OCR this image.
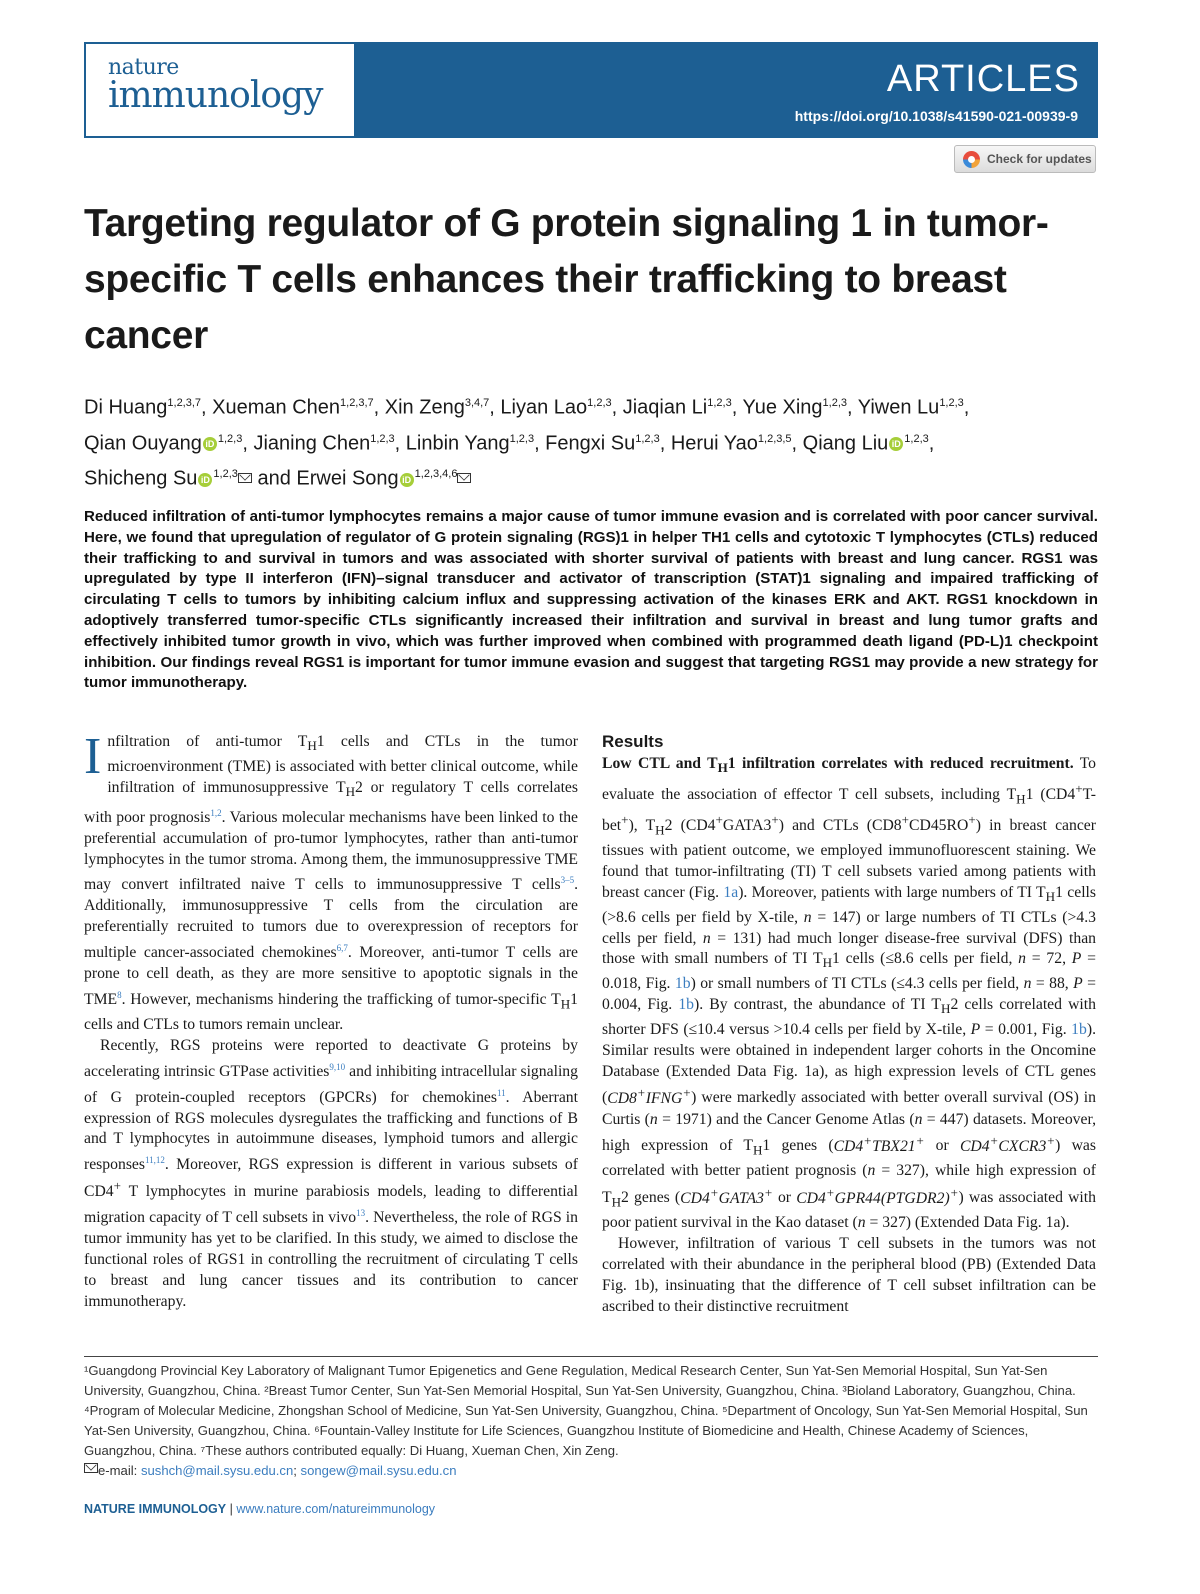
nature
immunology	ARTICLES
https://doi.org/10.1038/s41590-021-00939-9
Check for updates
Targeting regulator of G protein signaling 1 in tumor-specific T cells enhances their trafficking to breast cancer
Di Huang$^{1,2,3,7}$, Xueman Chen$^{1,2,3,7}$, Xin Zeng$^{3,4,7}$, Liyan Lao$^{1,2,3}$, Jiaqian Li$^{1,2,3}$, Yue Xing$^{1,2,3}$, Yiwen Lu$^{1,2,3}$,
Qian Ouyang iD $^{1,2,3}$, Jianing Chen$^{1,2,3}$, Linbin Yang$^{1,2,3}$, Fengxi Su$^{1,2,3}$, Herui Yao$^{1,2,3,5}$, Qiang Liu iD $^{1,2,3}$,
Shicheng Su iD $^{1,2,3}$ and Erwei Song iD $^{1,2,3,4,6}$

Reduced infiltration of anti-tumor lymphocytes remains a major cause of tumor immune evasion and is correlated with poor cancer survival. Here, we found that upregulation of regulator of G protein signaling (RGS)1 in helper TH1 cells and cytotoxic T lymphocytes (CTLs) reduced their trafficking to and survival in tumors and was associated with shorter survival of patients with breast and lung cancer. RGS1 was upregulated by type II interferon (IFN)–signal transducer and activator of transcription (STAT)1 signaling and impaired trafficking of circulating T cells to tumors by inhibiting calcium influx and suppressing activation of the kinases ERK and AKT. RGS1 knockdown in adoptively transferred tumor-specific CTLs significantly increased their infiltration and survival in breast and lung tumor grafts and effectively inhibited tumor growth in vivo, which was further improved when combined with programmed death ligand (PD-L)1 checkpoint inhibition. Our findings reveal RGS1 is important for tumor immune evasion and suggest that targeting RGS1 may provide a new strategy for tumor immunotherapy.

Infiltration of anti-tumor $T_H1$ cells and CTLs in the tumor microenvironment (TME) is associated with better clinical outcome, while infiltration of immunosuppressive $T_H2$ or regulatory T cells correlates with poor prognosis$^{1,2}$. Various molecular mechanisms have been linked to the preferential accumulation of pro-tumor lymphocytes, rather than anti-tumor lymphocytes in the tumor stroma. Among them, the immunosuppressive TME may convert infiltrated naive T cells to immunosuppressive T cells$^{3-5}$. Additionally, immunosuppressive T cells from the circulation are preferentially recruited to tumors due to overexpression of receptors for multiple cancer-associated chemokines$^{6,7}$. Moreover, anti-tumor T cells are prone to cell death, as they are more sensitive to apoptotic signals in the TME$^8$. However, mechanisms hindering the trafficking of tumor-specific $T_H1$ cells and CTLs to tumors remain unclear.

Recently, RGS proteins were reported to deactivate G proteins by accelerating intrinsic GTPase activities$^{9,10}$ and inhibiting intracellular signaling of G protein-coupled receptors (GPCRs) for chemokines$^{11}$. Aberrant expression of RGS molecules dysregulates the trafficking and functions of B and T lymphocytes in autoimmune diseases, lymphoid tumors and allergic responses$^{11,12}$. Moreover, RGS expression is different in various subsets of CD4+ T lymphocytes in murine parabiosis models, leading to differential migration capacity of T cell subsets in vivo$^{13}$. Nevertheless, the role of RGS in tumor immunity has yet to be clarified. In this study, we aimed to disclose the functional roles of RGS1 in controlling the recruitment of circulating T cells to breast and lung cancer tissues and its contribution to cancer immunotherapy.

Results

Low CTL and $T_H1$ infiltration correlates with reduced recruitment. To evaluate the association of effector T cell subsets, including $T_H1$ (CD4+T-bet+), $T_H2$ (CD4+GATA3+) and CTLs (CD8+CD45RO+) in breast cancer tissues with patient outcome, we employed immunofluorescent staining. We found that tumor-infiltrating (TI) T cell subsets varied among patients with breast cancer (Fig. 1a). Moreover, patients with large numbers of TI $T_H1$ cells (>8.6 cells per field by X-tile, n = 147) or large numbers of TI CTLs (>4.3 cells per field, n = 131) had much longer disease-free survival (DFS) than those with small numbers of TI $T_H1$ cells (≤8.6 cells per field, n = 72, P = 0.018, Fig. 1b) or small numbers of TI CTLs (≤4.3 cells per field, n = 88, P = 0.004, Fig. 1b). By contrast, the abundance of TI $T_H2$ cells correlated with shorter DFS (≤10.4 versus >10.4 cells per field by X-tile, P = 0.001, Fig. 1b). Similar results were obtained in independent larger cohorts in the Oncomine Database (Extended Data Fig. 1a), as high expression levels of CTL genes (CD8+IFNG+) were markedly associated with better overall survival (OS) in Curtis (n = 1971) and the Cancer Genome Atlas (n = 447) datasets. Moreover, high expression of $T_H1$ genes (CD4+TBX21+ or CD4+CXCR3+) was correlated with better patient prognosis (n = 327), while high expression of $T_H2$ genes (CD4+GATA3+ or CD4+GPR44(PTGDR2)+) was associated with poor patient survival in the Kao dataset (n = 327) (Extended Data Fig. 1a).

However, infiltration of various T cell subsets in the tumors was not correlated with their abundance in the peripheral blood (PB) (Extended Data Fig. 1b), insinuating that the difference of T cell subset infiltration can be ascribed to their distinctive recruitment

¹Guangdong Provincial Key Laboratory of Malignant Tumor Epigenetics and Gene Regulation, Medical Research Center, Sun Yat-Sen Memorial Hospital, Sun Yat-Sen University, Guangzhou, China. ²Breast Tumor Center, Sun Yat-Sen Memorial Hospital, Sun Yat-Sen University, Guangzhou, China. ³Bioland Laboratory, Guangzhou, China. ⁴Program of Molecular Medicine, Zhongshan School of Medicine, Sun Yat-Sen University, Guangzhou, China. ⁵Department of Oncology, Sun Yat-Sen Memorial Hospital, Sun Yat-Sen University, Guangzhou, China. ⁶Fountain-Valley Institute for Life Sciences, Guangzhou Institute of Biomedicine and Health, Chinese Academy of Sciences, Guangzhou, China. ⁷These authors contributed equally: Di Huang, Xueman Chen, Xin Zeng.
e-mail: sushch@mail.sysu.edu.cn; songew@mail.sysu.edu.cn
NATURE IMMUNOLOGY | www.nature.com/natureimmunology
